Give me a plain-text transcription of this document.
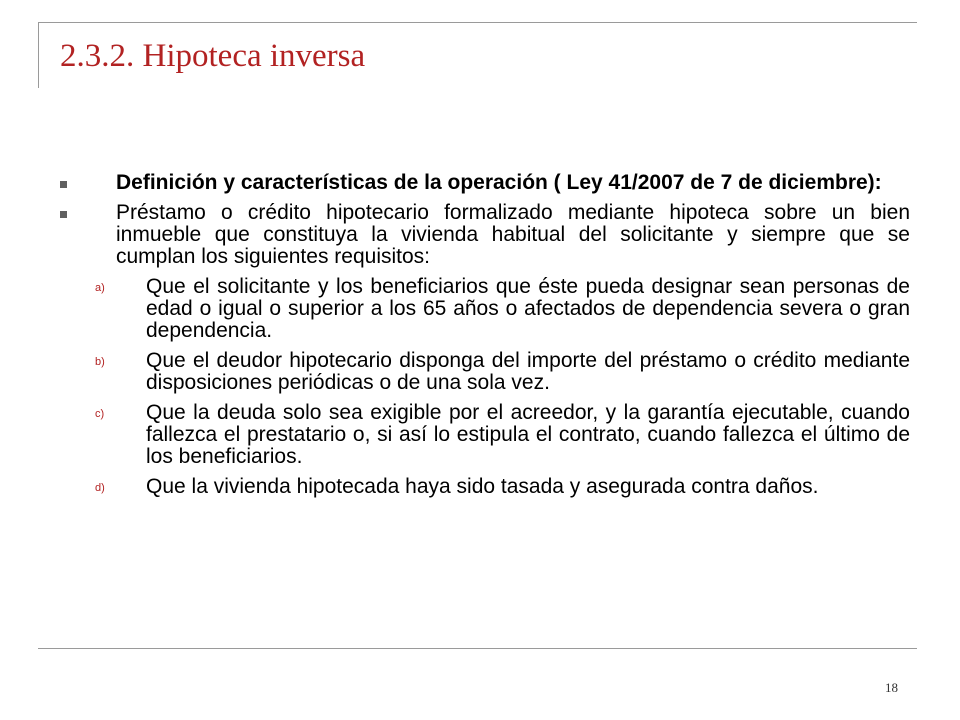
2.3.2. Hipoteca inversa
Definición y características de la operación ( Ley 41/2007 de 7 de diciembre):
Préstamo o crédito hipotecario formalizado mediante hipoteca sobre un bien inmueble que constituya la vivienda habitual del solicitante y siempre que se cumplan los siguientes requisitos:
a) Que el solicitante y los beneficiarios que éste pueda designar sean personas de edad o igual o superior a los 65 años o afectados de dependencia severa o gran dependencia.
b) Que el deudor hipotecario disponga del importe del préstamo o crédito mediante disposiciones periódicas o de una sola vez.
c) Que la deuda solo sea exigible por el acreedor, y la garantía ejecutable, cuando fallezca el prestatario o, si así lo estipula el contrato, cuando fallezca el último de los beneficiarios.
d) Que la vivienda hipotecada haya sido tasada y asegurada contra daños.
18
